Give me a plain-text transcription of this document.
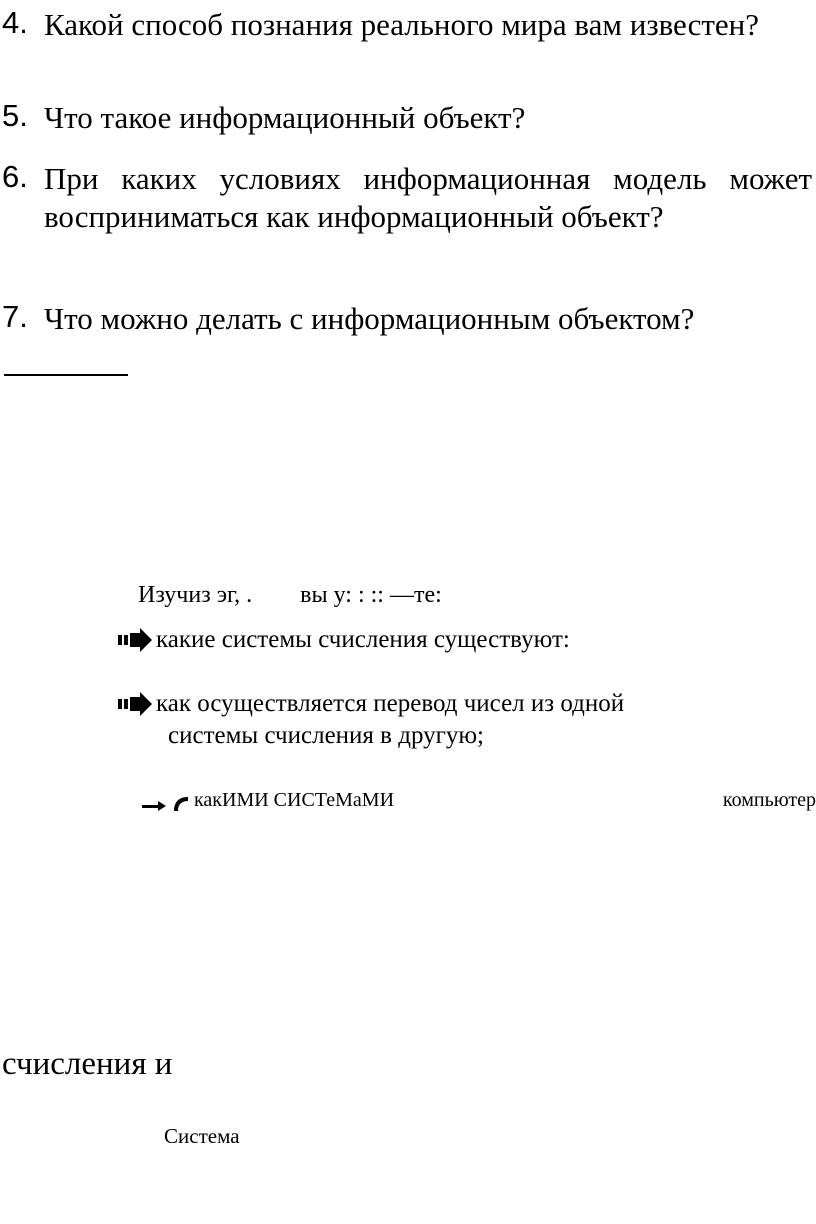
4. Какой способ познания реального мира вам известен?
5. Что такое информационный объект?
6. При каких условиях информационная модель может восприниматься как информационный объект?
7. Что можно делать с информационным объектом?
Изучиз эг, .        вы у: : :: —те:
какие системы счисления существуют:
как осуществляется перевод чисел из одной
системы счисления в другую;
какИМИ СИСТеМаМИ	компьютер
счисления и
Система
